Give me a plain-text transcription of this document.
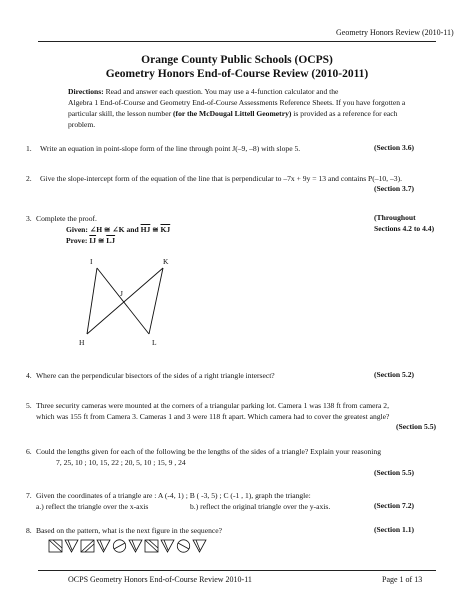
Geometry Honors Review (2010-11)
Orange County Public Schools (OCPS)
Geometry Honors End-of-Course Review (2010-2011)
Directions: Read and answer each question. You may use a 4-function calculator and the
Algebra 1 End-of-Course and Geometry End-of-Course Assessments Reference Sheets. If you have forgotten a
particular skill, the lesson number (for the McDougal Littell Geometry) is provided as a reference for each
problem.
1. Write an equation in point-slope form of the line through point J(–9, –8) with slope 5.	(Section 3.6)
2. Give the slope-intercept form of the equation of the line that is perpendicular to –7x + 9y = 13 and contains P(–10, –3).
(Section 3.7)
3. Complete the proof.	(Throughout
Sections 4.2 to 4.4)
Given: ∠H ≅ ∠K and $\overline{HJ}$ ≅ $\overline{KJ}$
Prove: $\overline{IJ}$ ≅ $\overline{LJ}$
I	K
J
H	L
4. Where can the perpendicular bisectors of the sides of a right triangle intersect?	(Section 5.2)
5. Three security cameras were mounted at the corners of a triangular parking lot. Camera 1 was 138 ft from camera 2,
which was 155 ft from Camera 3. Cameras 1 and 3 were 118 ft apart. Which camera had to cover the greatest angle?
(Section 5.5)
6. Could the lengths given for each of the following be the lengths of the sides of a triangle? Explain your reasoning
7, 25, 10 ; 10, 15, 22 ; 20, 5, 10 ; 15, 9 , 24
(Section 5.5)
7. Given the coordinates of a triangle are : A (-4, 1) ; B ( -3, 5) ; C (-1 , 1), graph the triangle:
a.) reflect the triangle over the x-axis	b.) reflect the original triangle over the y-axis.	(Section 7.2)
8. Based on the pattern, what is the next figure in the sequence?	(Section 1.1)
OCPS Geometry Honors End-of-Course Review 2010-11	Page 1 of 13
